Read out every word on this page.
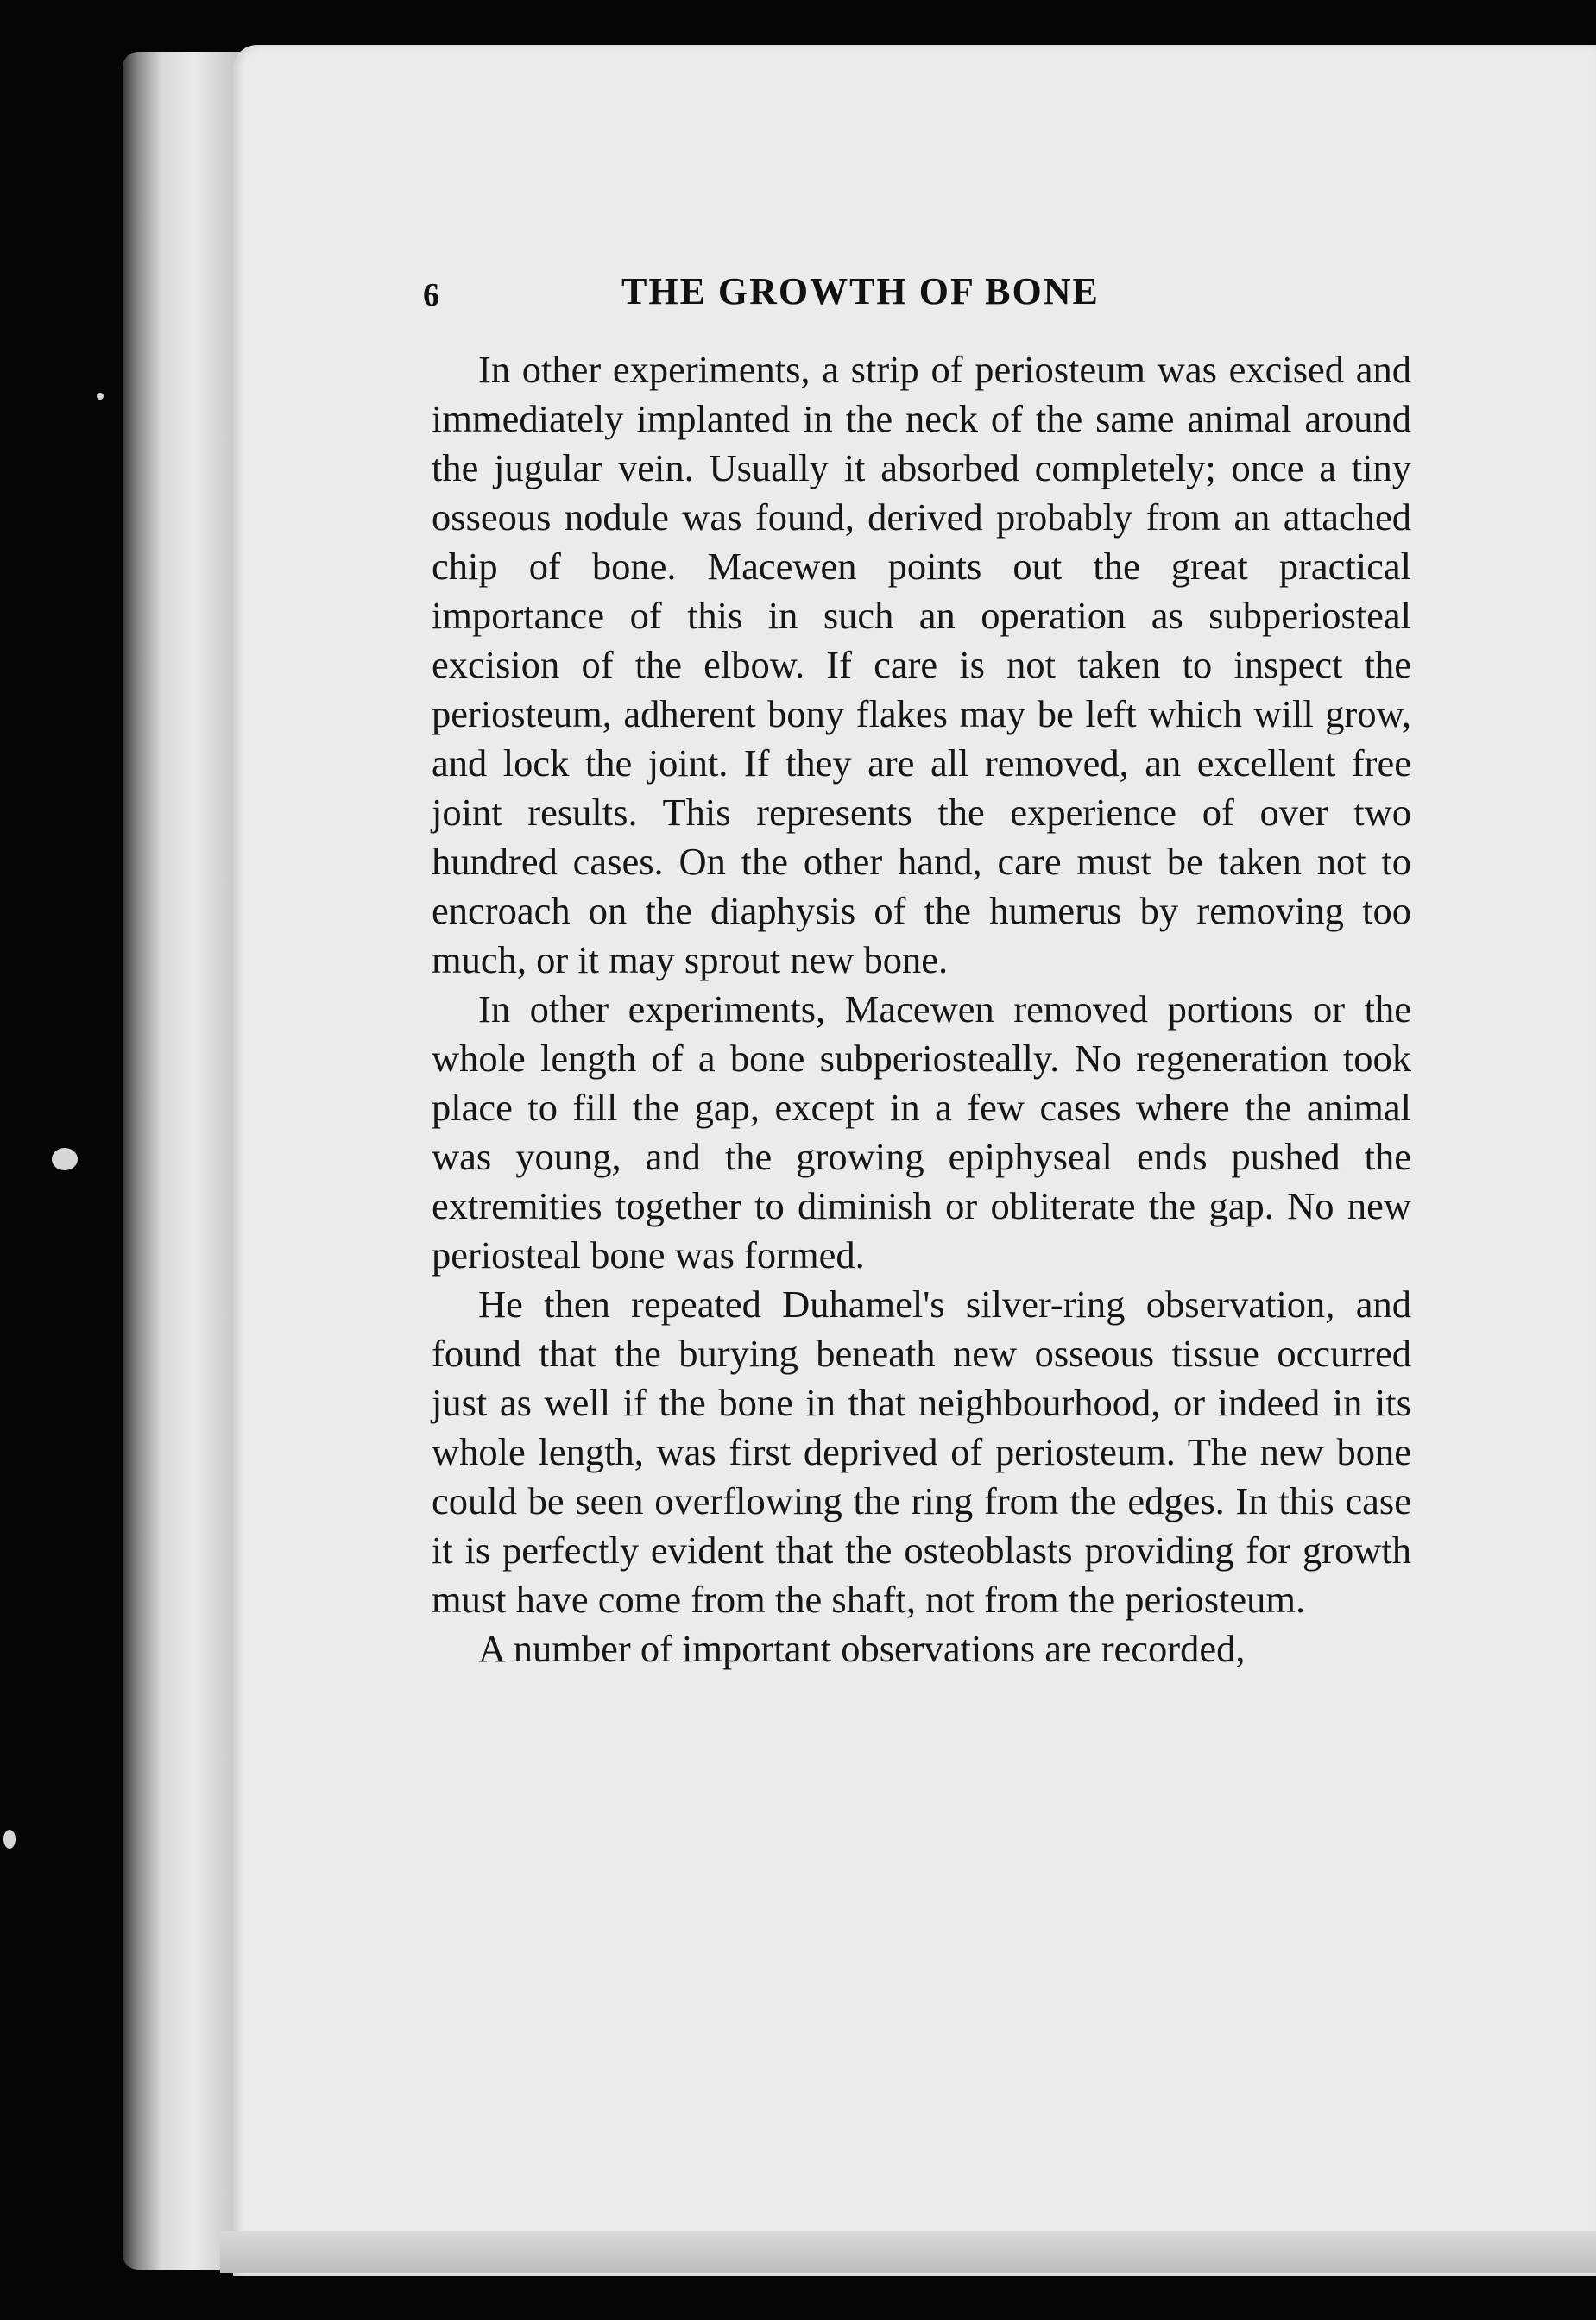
6	THE GROWTH OF BONE

In other experiments, a strip of periosteum was excised and immediately implanted in the neck of the same animal around the jugular vein. Usually it absorbed completely; once a tiny osseous nodule was found, derived probably from an attached chip of bone. Macewen points out the great practical importance of this in such an operation as subperiosteal excision of the elbow. If care is not taken to inspect the periosteum, adherent bony flakes may be left which will grow, and lock the joint. If they are all removed, an excellent free joint results. This represents the experience of over two hundred cases. On the other hand, care must be taken not to encroach on the diaphysis of the humerus by removing too much, or it may sprout new bone.

In other experiments, Macewen removed portions or the whole length of a bone subperiosteally. No regeneration took place to fill the gap, except in a few cases where the animal was young, and the growing epiphyseal ends pushed the extremities together to diminish or obliterate the gap. No new periosteal bone was formed.

He then repeated Duhamel's silver-ring observation, and found that the burying beneath new osseous tissue occurred just as well if the bone in that neighbourhood, or indeed in its whole length, was first deprived of periosteum. The new bone could be seen overflowing the ring from the edges. In this case it is perfectly evident that the osteoblasts providing for growth must have come from the shaft, not from the periosteum.

A number of important observations are recorded,
